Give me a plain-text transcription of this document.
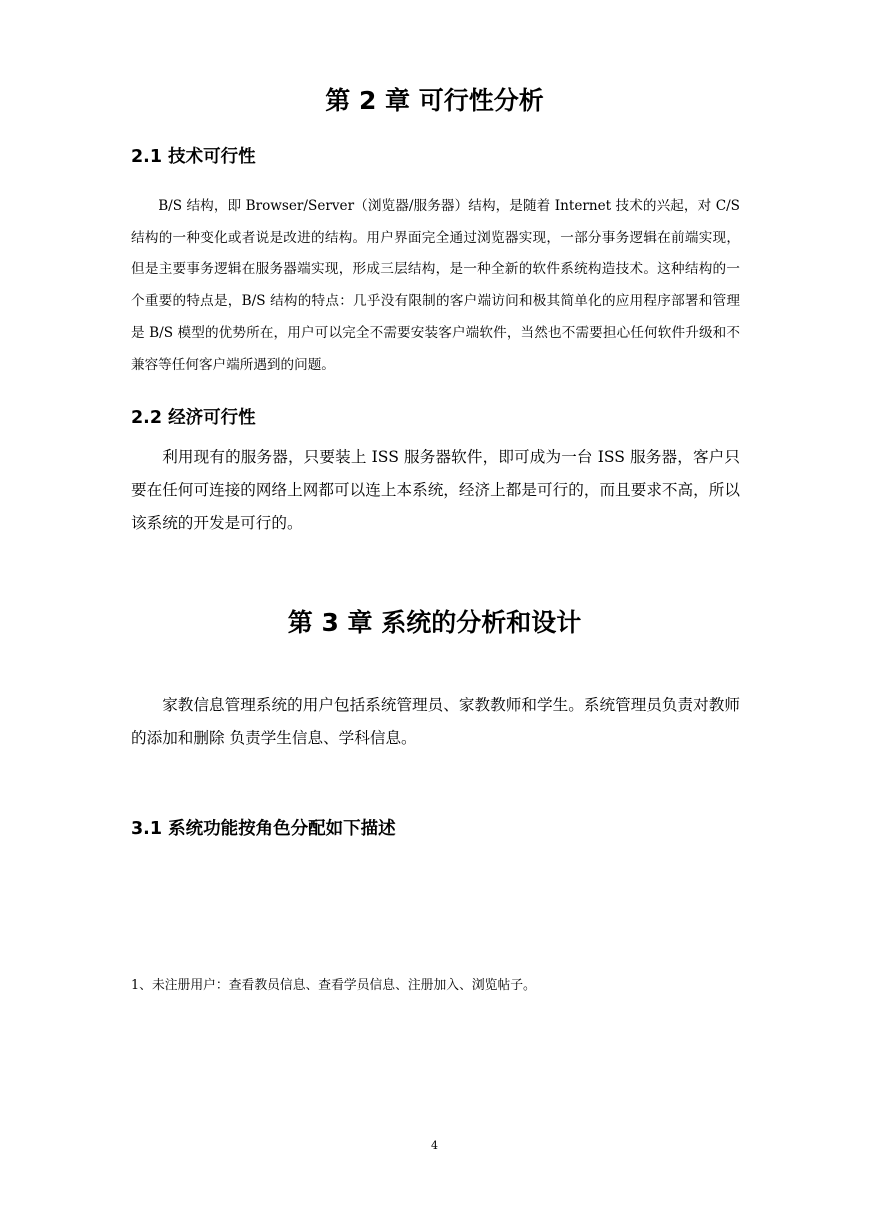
第 2 章 可行性分析
2.1 技术可行性

B/S 结构，即 Browser/Server（浏览器/服务器）结构，是随着 Internet 技术的兴起，对 C/S 结构的一种变化或者说是改进的结构。用户界面完全通过浏览器实现，一部分事务逻辑在前端实现，但是主要事务逻辑在服务器端实现，形成三层结构，是一种全新的软件系统构造技术。这种结构的一个重要的特点是，B/S 结构的特点：几乎没有限制的客户端访问和极其简单化的应用程序部署和管理是 B/S 模型的优势所在，用户可以完全不需要安装客户端软件，当然也不需要担心任何软件升级和不兼容等任何客户端所遇到的问题。

2.2 经济可行性

利用现有的服务器，只要装上 ISS 服务器软件，即可成为一台 ISS 服务器，客户只要在任何可连接的网络上网都可以连上本系统，经济上都是可行的，而且要求不高，所以该系统的开发是可行的。

第 3 章 系统的分析和设计

家教信息管理系统的用户包括系统管理员、家教教师和学生。系统管理员负责对教师的添加和删除 负责学生信息、学科信息。

3.1 系统功能按角色分配如下描述

1、未注册用户：查看教员信息、查看学员信息、注册加入、浏览帖子。

4
